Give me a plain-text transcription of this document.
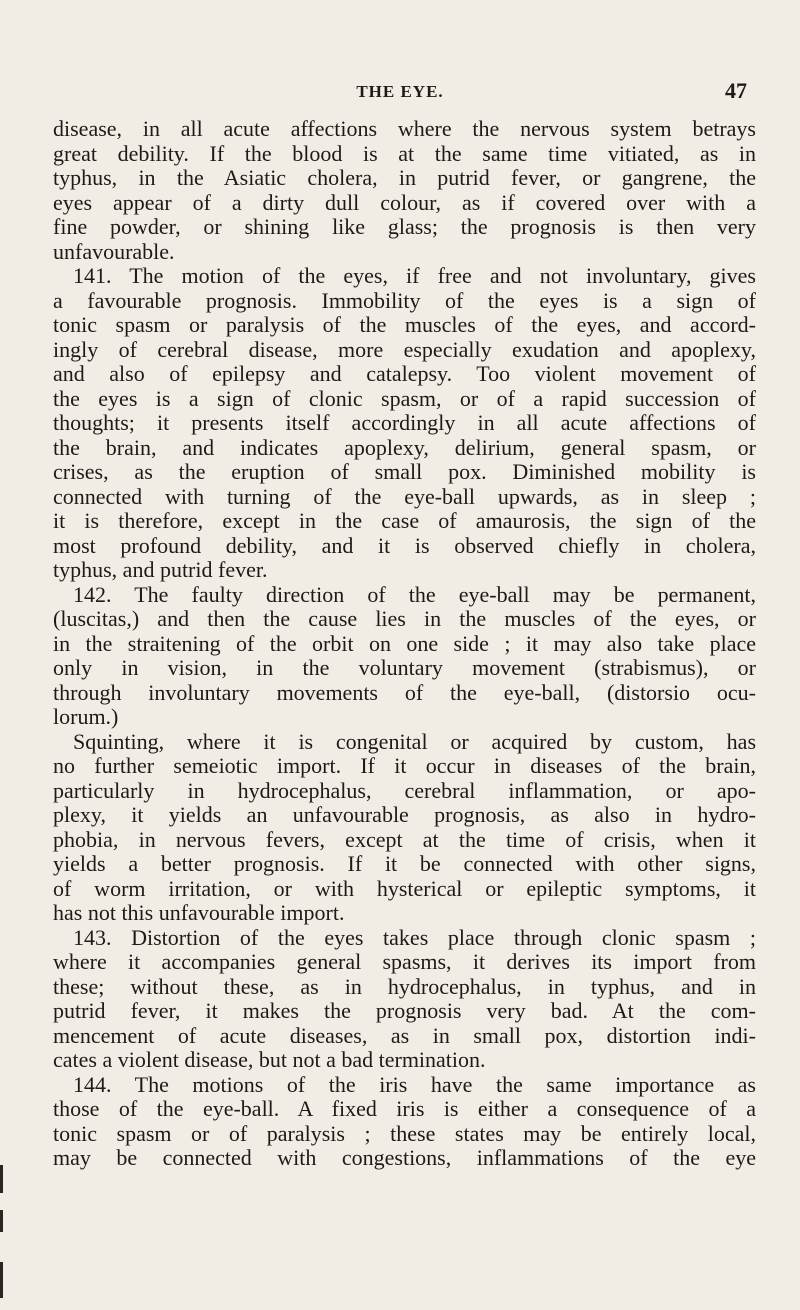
THE EYE.	47
disease, in all acute affections where the nervous system betrays
great debility. If the blood is at the same time vitiated, as in
typhus, in the Asiatic cholera, in putrid fever, or gangrene, the
eyes appear of a dirty dull colour, as if covered over with a
fine powder, or shining like glass; the prognosis is then very
unfavourable.
141. The motion of the eyes, if free and not involuntary, gives
a favourable prognosis. Immobility of the eyes is a sign of
tonic spasm or paralysis of the muscles of the eyes, and accord-
ingly of cerebral disease, more especially exudation and apoplexy,
and also of epilepsy and catalepsy. Too violent movement of
the eyes is a sign of clonic spasm, or of a rapid succession of
thoughts; it presents itself accordingly in all acute affections of
the brain, and indicates apoplexy, delirium, general spasm, or
crises, as the eruption of small pox. Diminished mobility is
connected with turning of the eye-ball upwards, as in sleep ;
it is therefore, except in the case of amaurosis, the sign of the
most profound debility, and it is observed chiefly in cholera,
typhus, and putrid fever.
142. The faulty direction of the eye-ball may be permanent,
(luscitas,) and then the cause lies in the muscles of the eyes, or
in the straitening of the orbit on one side ; it may also take place
only in vision, in the voluntary movement (strabismus), or
through involuntary movements of the eye-ball, (distorsio ocu-
lorum.)
Squinting, where it is congenital or acquired by custom, has
no further semeiotic import. If it occur in diseases of the brain,
particularly in hydrocephalus, cerebral inflammation, or apo-
plexy, it yields an unfavourable prognosis, as also in hydro-
phobia, in nervous fevers, except at the time of crisis, when it
yields a better prognosis. If it be connected with other signs,
of worm irritation, or with hysterical or epileptic symptoms, it
has not this unfavourable import.
143. Distortion of the eyes takes place through clonic spasm ;
where it accompanies general spasms, it derives its import from
these; without these, as in hydrocephalus, in typhus, and in
putrid fever, it makes the prognosis very bad. At the com-
mencement of acute diseases, as in small pox, distortion indi-
cates a violent disease, but not a bad termination.
144. The motions of the iris have the same importance as
those of the eye-ball. A fixed iris is either a consequence of a
tonic spasm or of paralysis ; these states may be entirely local,
may be connected with congestions, inflammations of the eye
